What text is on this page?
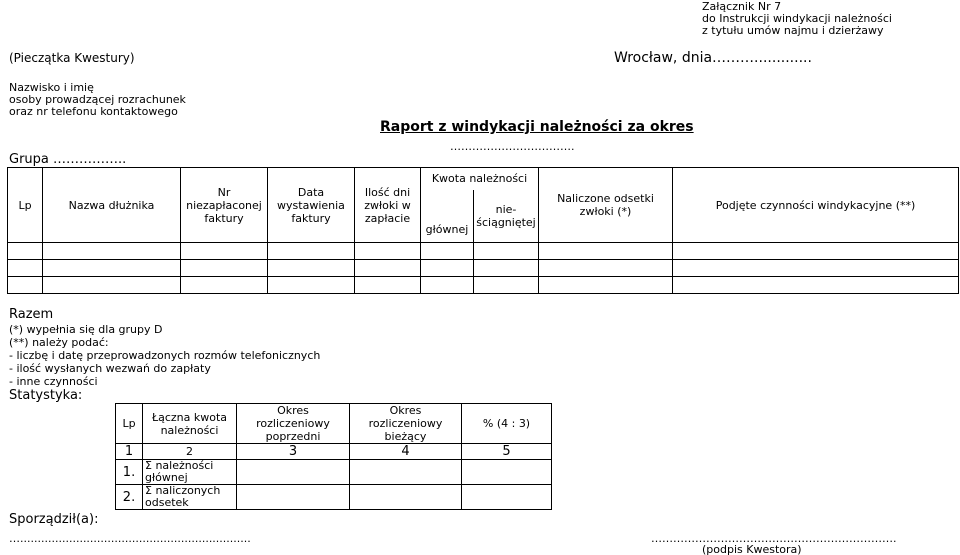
Załącznik Nr 7
do Instrukcji windykacji należności
z tytułu umów najmu i dzierżawy
(Pieczątka Kwestury)	Wrocław, dnia……….............
Nazwisko i imię
osoby prowadzącej rozrachunek
oraz nr telefonu kontaktowego
Raport z windykacji należności za okres
…………………………….
Grupa ……………..
Lp	Nazwa dłużnika	Nr niezapłaconej faktury	Data wystawienia faktury	Ilość dni zwłoki w zapłacie	Kwota należności		Naliczone odsetki zwłoki (*)	Podjęte czynności windykacyjne (**)
					głównej	nie-ściągniętej		

Razem
(*) wypełnia się dla grupy D
(**) należy podać:
- liczbę i datę przeprowadzonych rozmów telefonicznych
- ilość wysłanych wezwań do zapłaty
- inne czynności
Statystyka:
Lp	Łączna kwota należności	Okres rozliczeniowy poprzedni	Okres rozliczeniowy bieżący	% (4 : 3)
1	2	3	4	5
1.	Σ należności głównej			
2.	Σ naliczonych odsetek			
Sporządził(a):
…..................................................................	………………………………………………………….
(podpis Kwestora)
